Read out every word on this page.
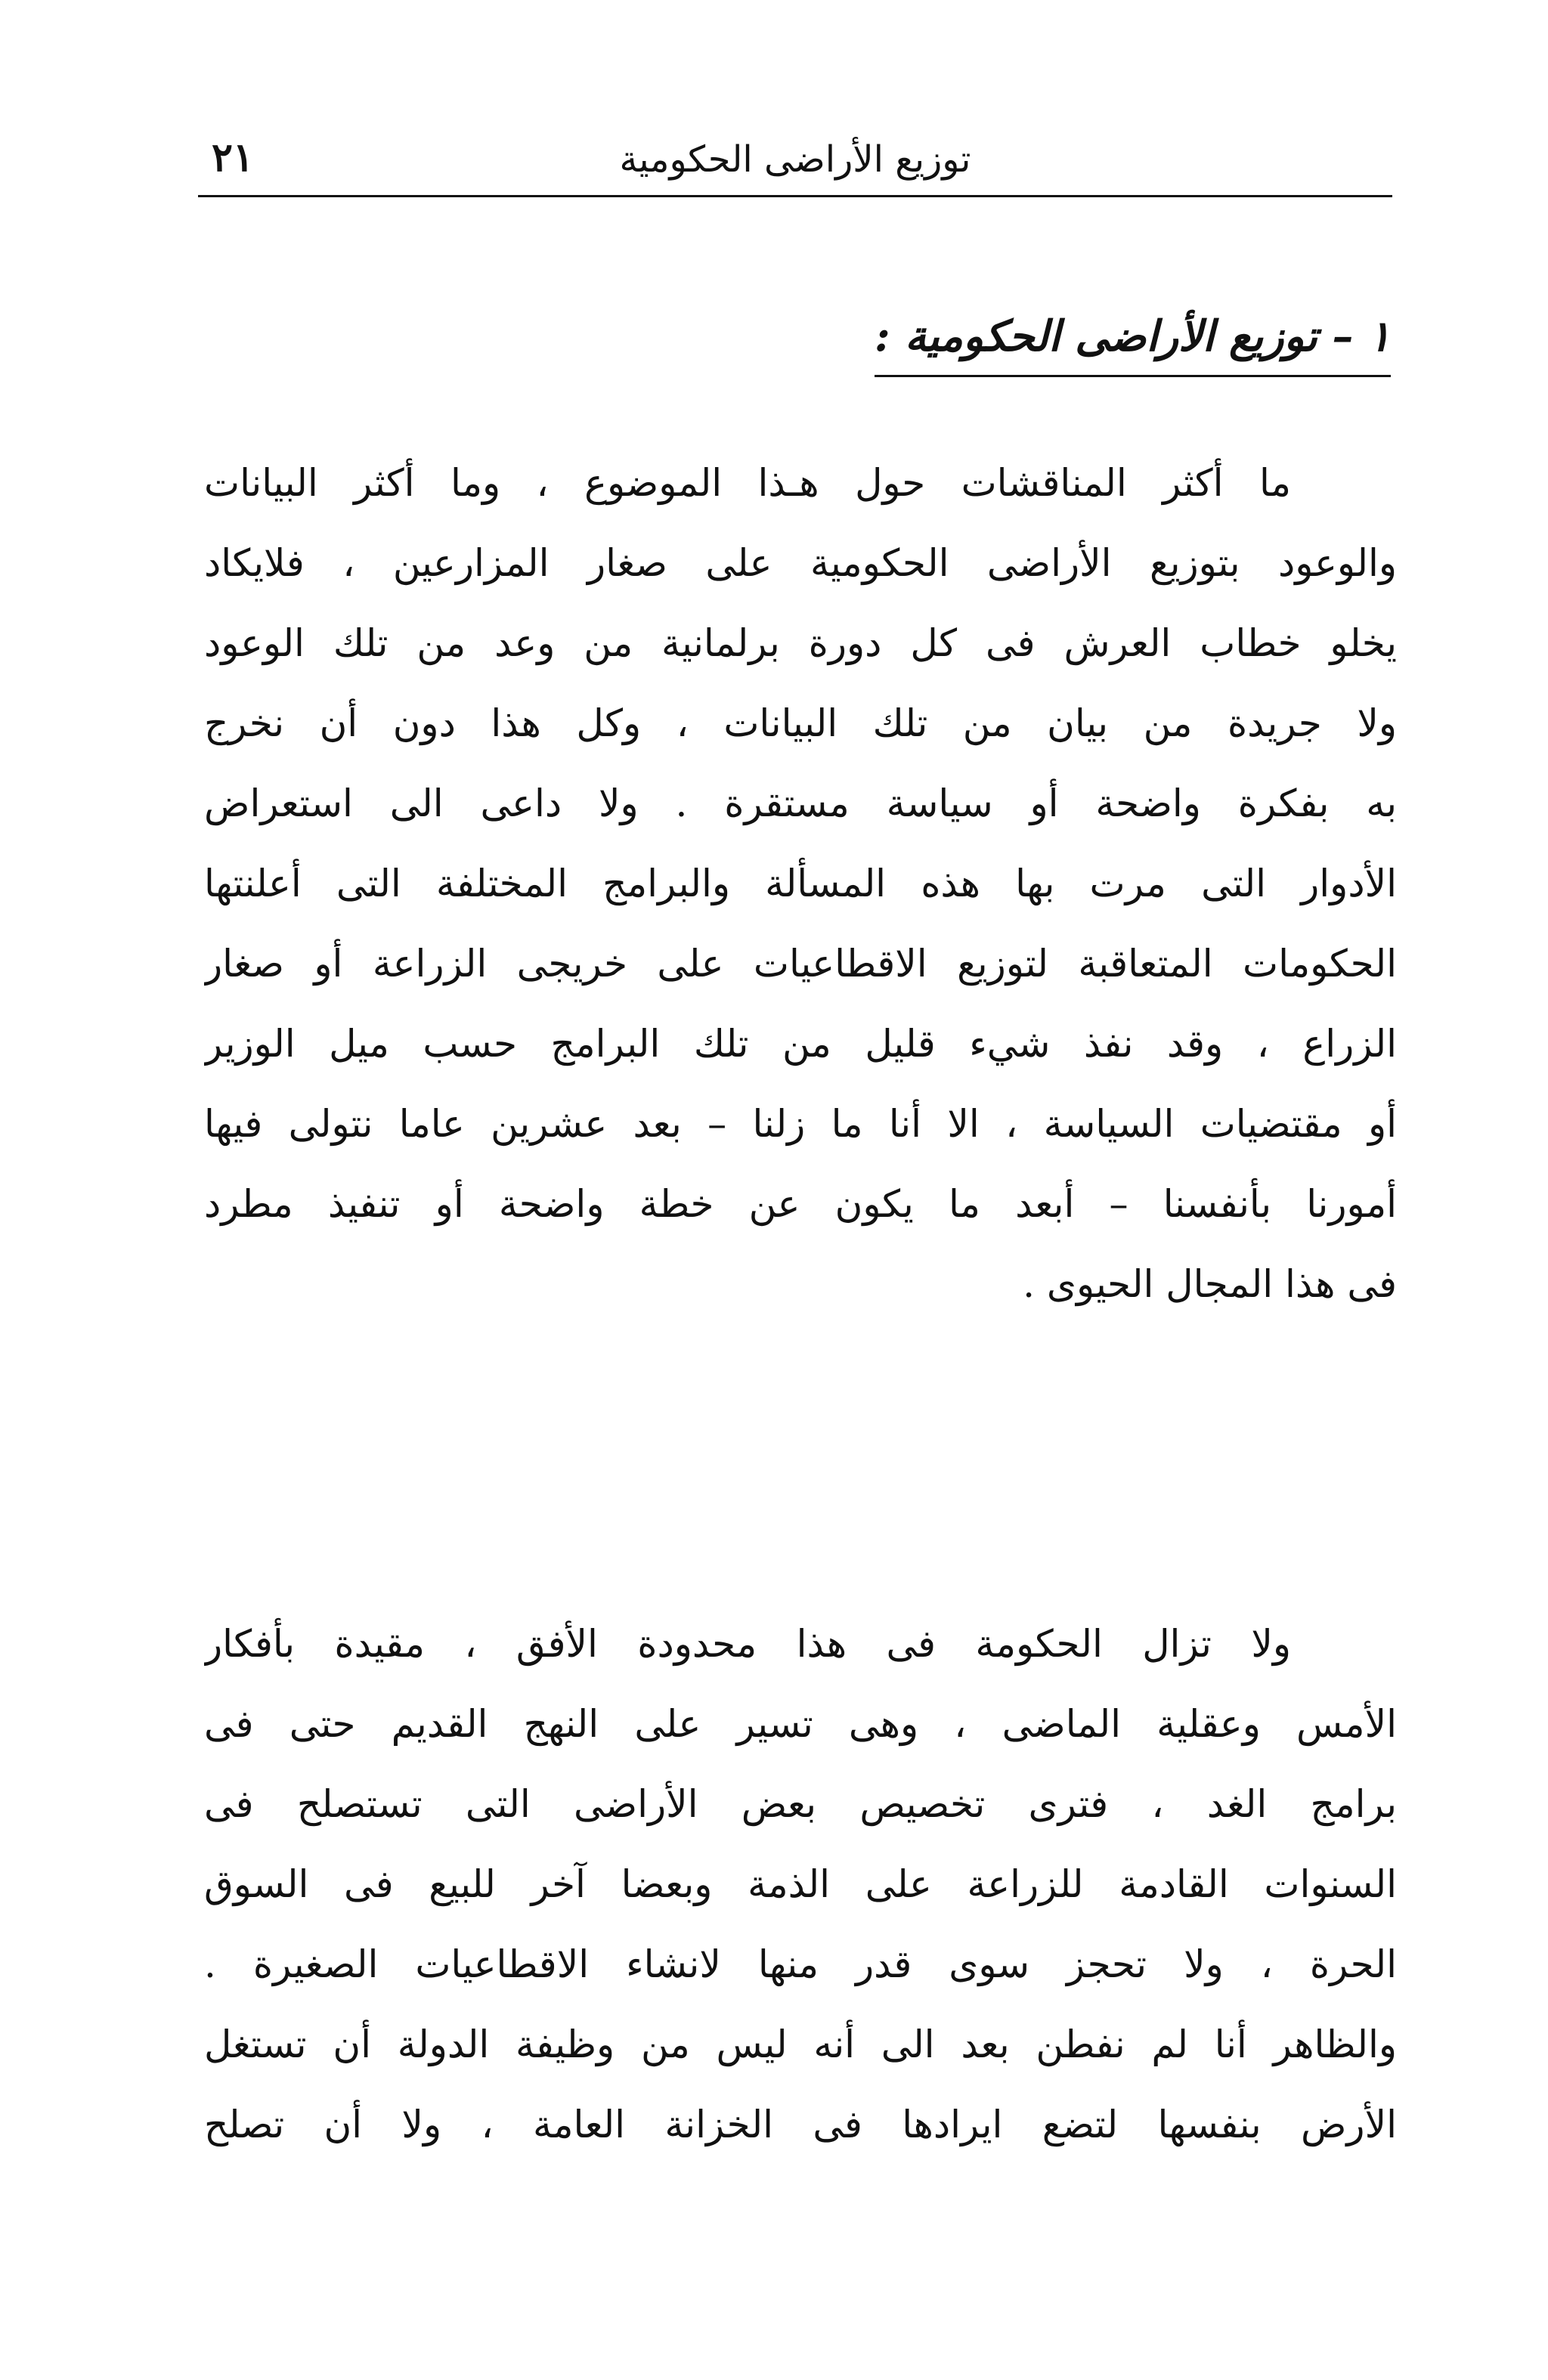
توزيع الأراضى الحكومية
٢١
١ – توزيع الأراضى الحكومية :
ما أكثر المناقشات حول هـذا الموضوع ، وما أكثر البيانات
والوعود بتوزيع الأراضى الحكومية على صغار المزارعين ، فلايكاد
يخلو خطاب العرش فى كل دورة برلمانية من وعد من تلك الوعود
ولا جريدة من بيان من تلك البيانات ، وكل هذا دون أن نخرج
به بفكرة واضحة أو سياسة مستقرة . ولا داعى الى استعراض
الأدوار التى مرت بها هذه المسألة والبرامج المختلفة التى أعلنتها
الحكومات المتعاقبة لتوزيع الاقطاعيات على خريجى الزراعة أو صغار
الزراع ، وقد نفذ شيء قليل من تلك البرامج حسب ميل الوزير
أو مقتضيات السياسة ، الا أنا ما زلنا – بعد عشرين عاما نتولى فيها
أمورنا بأنفسنا – أبعد ما يكون عن خطة واضحة أو تنفيذ مطرد
فى هذا المجال الحيوى .
ولا تزال الحكومة فى هذا محدودة الأفق ، مقيدة بأفكار
الأمس وعقلية الماضى ، وهى تسير على النهج القديم حتى فى
برامج الغد ، فترى تخصيص بعض الأراضى التى تستصلح فى
السنوات القادمة للزراعة على الذمة وبعضا آخر للبيع فى السوق
الحرة ، ولا تحجز سوى قدر منها لانشاء الاقطاعيات الصغيرة .
والظاهر أنا لم نفطن بعد الى أنه ليس من وظيفة الدولة أن تستغل
الأرض بنفسها لتضع ايرادها فى الخزانة العامة ، ولا أن تصلح
